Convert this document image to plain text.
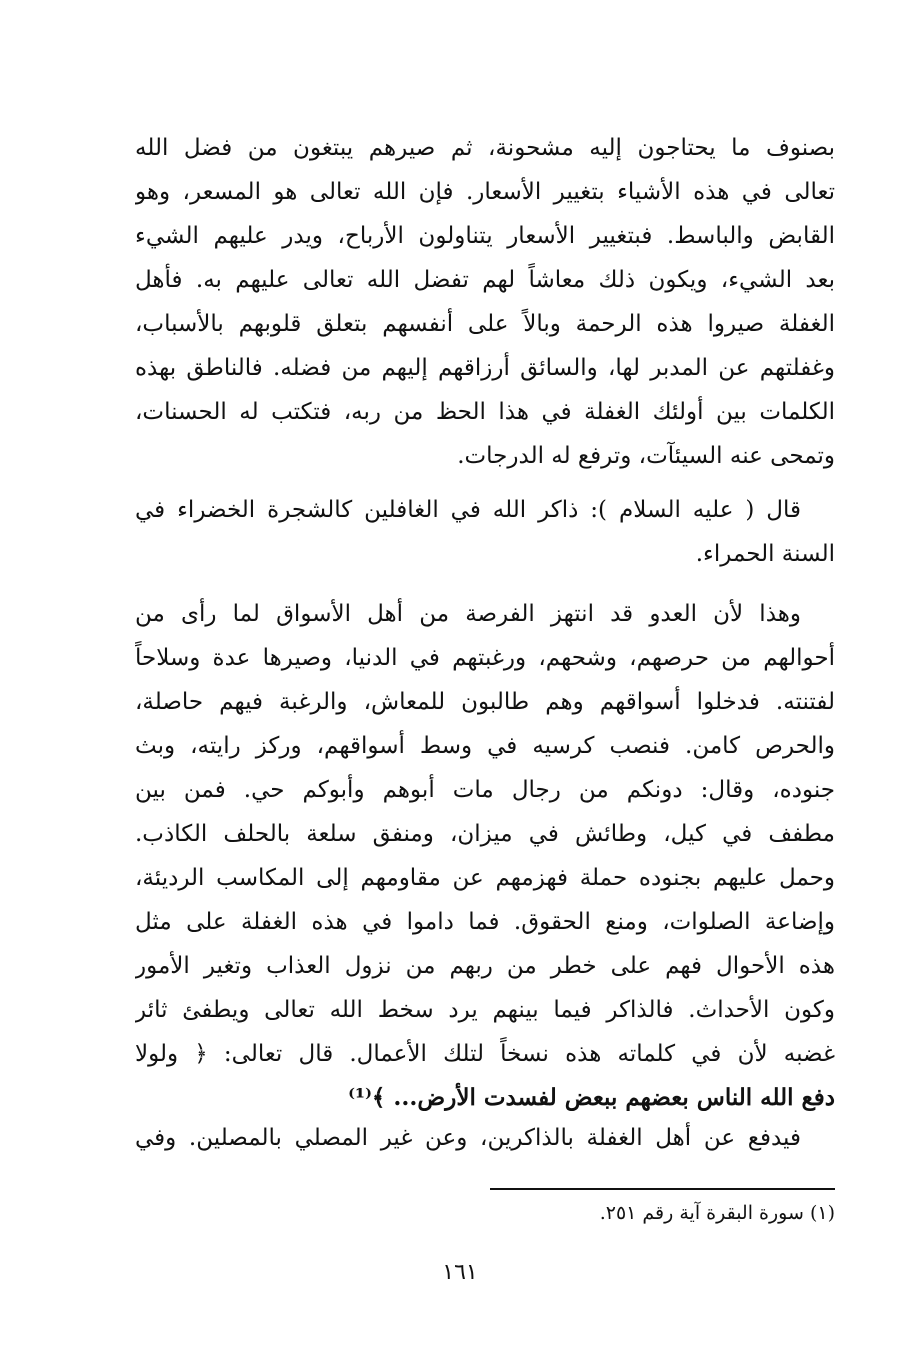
بصنوف ما يحتاجون إليه مشحونة، ثم صيرهم يبتغون من فضل الله
تعالى في هذه الأشياء بتغيير الأسعار. فإن الله تعالى هو المسعر، وهو
القابض والباسط. فبتغيير الأسعار يتناولون الأرباح، ويدر عليهم الشيء
بعد الشيء، ويكون ذلك معاشاً لهم تفضل الله تعالى عليهم به. فأهل
الغفلة صيروا هذه الرحمة وبالاً على أنفسهم بتعلق قلوبهم بالأسباب،
وغفلتهم عن المدبر لها، والسائق أرزاقهم إليهم من فضله. فالناطق بهذه
الكلمات بين أولئك الغفلة في هذا الحظ من ربه، فتكتب له الحسنات،
وتمحى عنه السيئآت، وترفع له الدرجات.
قال ( عليه السلام ): ذاكر الله في الغافلين كالشجرة الخضراء في
السنة الحمراء.
وهذا لأن العدو قد انتهز الفرصة من أهل الأسواق لما رأى من
أحوالهم من حرصهم، وشحهم، ورغبتهم في الدنيا، وصيرها عدة وسلاحاً
لفتنته. فدخلوا أسواقهم وهم طالبون للمعاش، والرغبة فيهم حاصلة،
والحرص كامن. فنصب كرسيه في وسط أسواقهم، وركز رايته، وبث
جنوده، وقال: دونكم من رجال مات أبوهم وأبوكم حي. فمن بين
مطفف في كيل، وطائش في ميزان، ومنفق سلعة بالحلف الكاذب.
وحمل عليهم بجنوده حملة فهزمهم عن مقاومهم إلى المكاسب الرديئة،
وإضاعة الصلوات، ومنع الحقوق. فما داموا في هذه الغفلة على مثل
هذه الأحوال فهم على خطر من ربهم من نزول العذاب وتغير الأمور
وكون الأحداث. فالذاكر فيما بينهم يرد سخط الله تعالى ويطفئ ثائر
غضبه لأن في كلماته هذه نسخاً لتلك الأعمال. قال تعالى: ﴿ ولولا
دفع الله الناس بعضهم ببعض لفسدت الأرض... ﴾⁽¹⁾
فيدفع عن أهل الغفلة بالذاكرين، وعن غير المصلي بالمصلين. وفي
(١) سورة البقرة آية رقم ٢٥١.
١٦١
